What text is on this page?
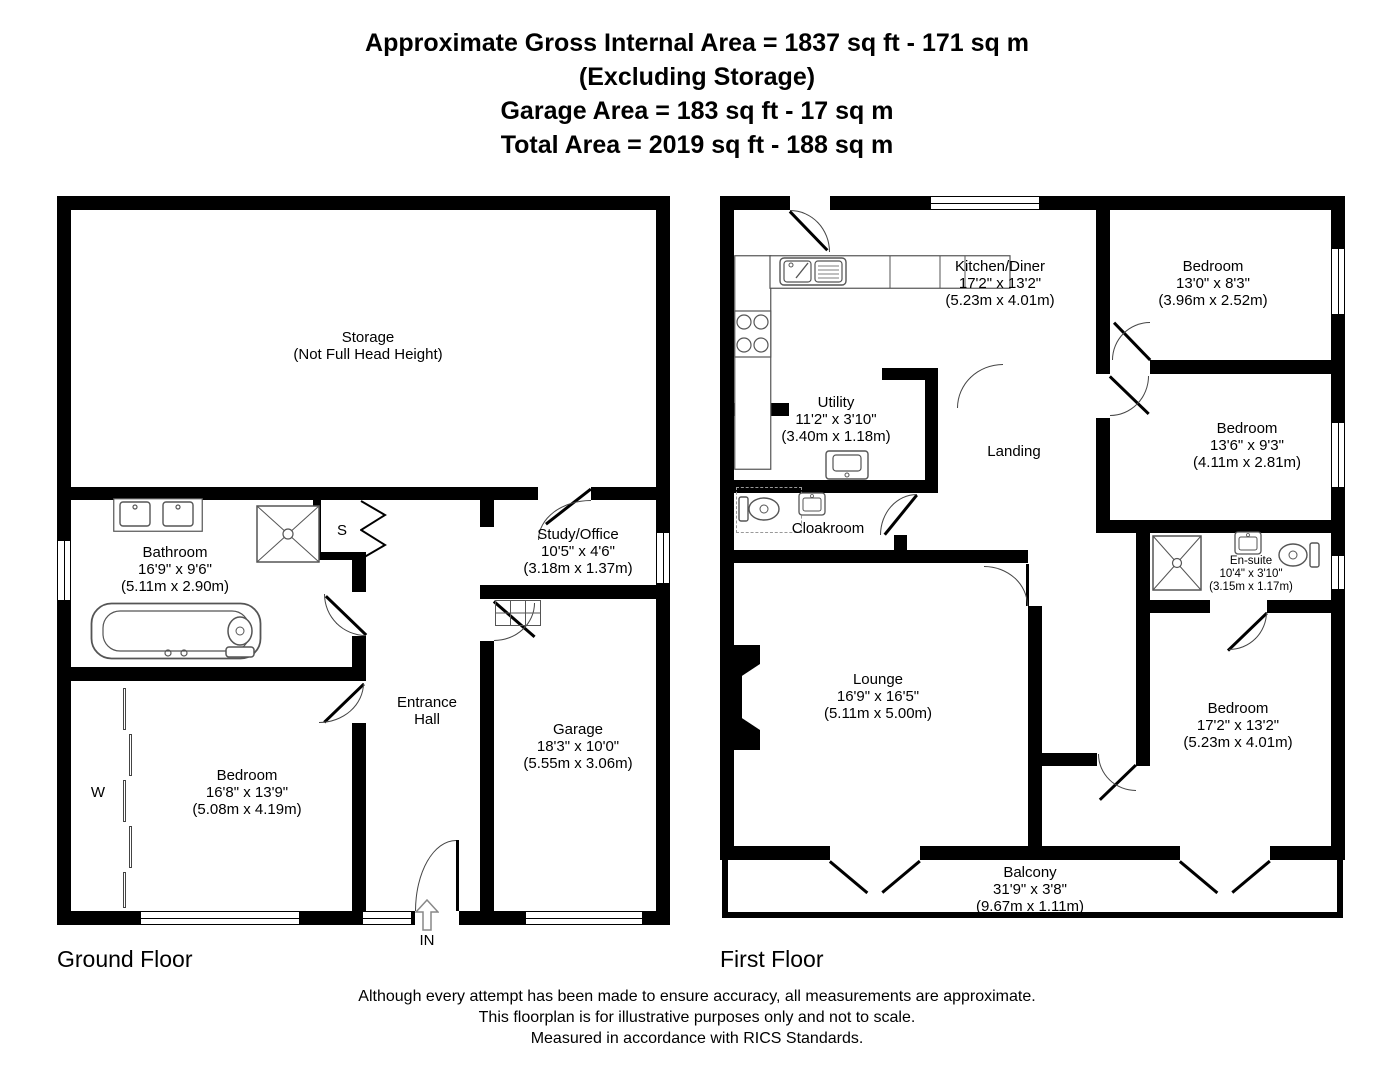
Approximate Gross Internal Area = 1837 sq ft - 171 sq m
(Excluding Storage)
Garage Area = 183 sq ft - 17 sq m
Total Area = 2019 sq ft - 188 sq m
Storage
(Not Full Head Height)
Bathroom
16'9" x 9'6"
(5.11m x 2.90m)
S
W
Bedroom
16'8" x 13'9"
(5.08m x 4.19m)
Entrance
Hall
Study/Office
10'5" x 4'6"
(3.18m x 1.37m)
Garage
18'3" x 10'0"
(5.55m x 3.06m)
IN
Ground Floor
Kitchen/Diner
17'2" x 13'2"
(5.23m x 4.01m)
Bedroom
13'0" x 8'3"
(3.96m x 2.52m)
Utility
11'2" x 3'10"
(3.40m x 1.18m)
Landing
Bedroom
13'6" x 9'3"
(4.11m x 2.81m)
Cloakroom
En-suite
10'4" x 3'10"
(3.15m x 1.17m)
Lounge
16'9" x 16'5"
(5.11m x 5.00m)	Bedroom
17'2" x 13'2"
(5.23m x 4.01m)
Balcony
31'9" x 3'8"
(9.67m x 1.11m)
First Floor
Although every attempt has been made to ensure accuracy, all measurements are approximate.
This floorplan is for illustrative purposes only and not to scale.
Measured in accordance with RICS Standards.
